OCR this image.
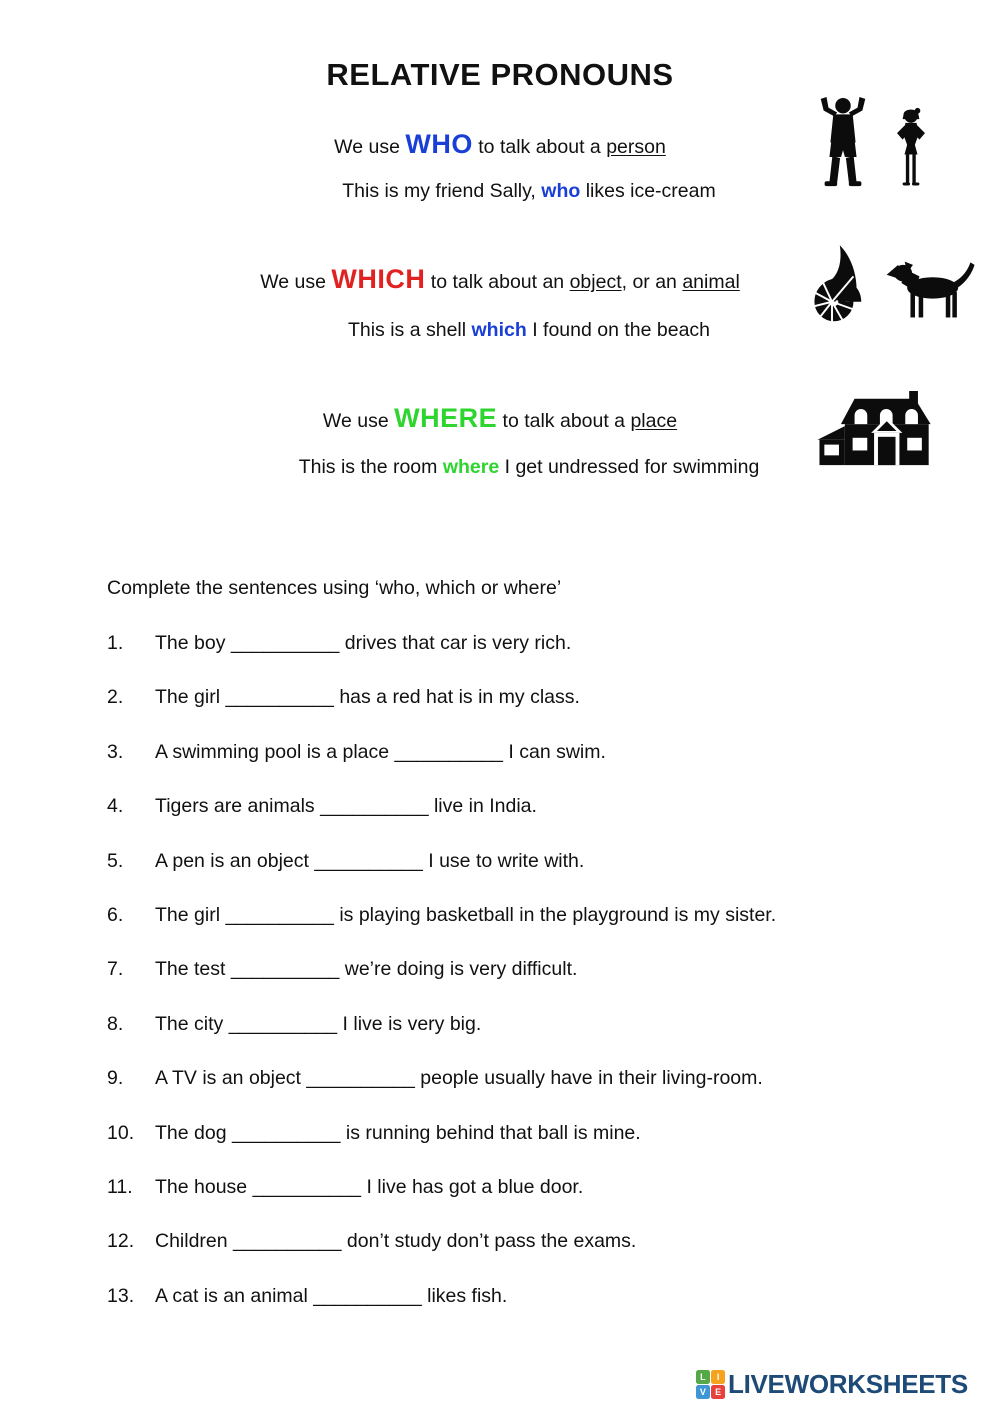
RELATIVE PRONOUNS
We use WHO to talk about a person
This is my friend Sally, who likes ice-cream
We use WHICH to talk about an object, or an animal
This is a shell which I found on the beach
We use WHERE to talk about a place
This is the room where I get undressed for swimming
Complete the sentences using ‘who, which or where’
1.	The boy __________ drives that car is very rich.
2.	The girl __________ has a red hat is in my class.
3.	A swimming pool is a place __________ I can swim.
4.	Tigers are animals __________ live in India.
5.	A pen is an object __________ I use to write with.
6.	The girl __________ is playing basketball in the playground is my sister.
7.	The test __________ we’re doing is very difficult.
8.	The city __________ I live is very big.
9.	A TV is an object __________ people usually have in their living-room.
10.	The dog __________ is running behind that ball is mine.
11.	The house __________ I live has got a blue door.
12.	Children __________ don’t study don’t pass the exams.
13.	A cat is an animal __________ likes fish.
L	I
V	E LIVEWORKSHEETS
